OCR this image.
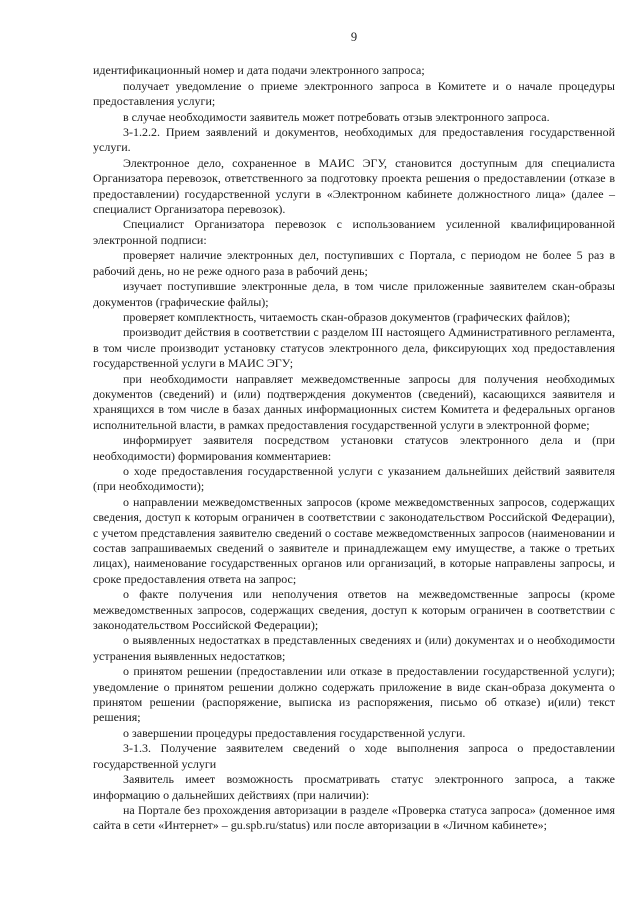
9

идентификационный номер и дата подачи электронного запроса;

получает уведомление о приеме электронного запроса в Комитете и о начале процедуры предоставления услуги;

в случае необходимости заявитель может потребовать отзыв электронного запроса.

3-1.2.2. Прием заявлений и документов, необходимых для предоставления государственной услуги.

Электронное дело, сохраненное в МАИС ЭГУ, становится доступным для специалиста Организатора перевозок, ответственного за подготовку проекта решения о предоставлении (отказе в предоставлении) государственной услуги в «Электронном кабинете должностного лица» (далее – специалист Организатора перевозок).

Специалист Организатора перевозок с использованием усиленной квалифицированной электронной подписи:

проверяет наличие электронных дел, поступивших с Портала, с периодом не более 5 раз в рабочий день, но не реже одного раза в рабочий день;

изучает поступившие электронные дела, в том числе приложенные заявителем скан-образы документов (графические файлы);

проверяет комплектность, читаемость скан-образов документов (графических файлов);

производит действия в соответствии с разделом III настоящего Административного регламента, в том числе производит установку статусов электронного дела, фиксирующих ход предоставления государственной услуги в МАИС ЭГУ;

при необходимости направляет межведомственные запросы для получения необходимых документов (сведений) и (или) подтверждения документов (сведений), касающихся заявителя и хранящихся в том числе в базах данных информационных систем Комитета и федеральных органов исполнительной власти, в рамках предоставления государственной услуги в электронной форме;

информирует заявителя посредством установки статусов электронного дела и (при необходимости) формирования комментариев:

о ходе предоставления государственной услуги с указанием дальнейших действий заявителя (при необходимости);

о направлении межведомственных запросов (кроме межведомственных запросов, содержащих сведения, доступ к которым ограничен в соответствии с законодательством Российской Федерации), с учетом представления заявителю сведений о составе межведомственных запросов (наименовании и состав запрашиваемых сведений о заявителе и принадлежащем ему имуществе, а также о третьих лицах), наименование государственных органов или организаций, в которые направлены запросы, и сроке предоставления ответа на запрос;

о факте получения или неполучения ответов на межведомственные запросы (кроме межведомственных запросов, содержащих сведения, доступ к которым ограничен в соответствии с законодательством Российской Федерации);

о выявленных недостатках в представленных сведениях и (или) документах и о необходимости устранения выявленных недостатков;

о принятом решении (предоставлении или отказе в предоставлении государственной услуги); уведомление о принятом решении должно содержать приложение в виде скан-образа документа о принятом решении (распоряжение, выписка из распоряжения, письмо об отказе) и(или) текст решения;

о завершении процедуры предоставления государственной услуги.

3-1.3. Получение заявителем сведений о ходе выполнения запроса о предоставлении государственной услуги

Заявитель имеет возможность просматривать статус электронного запроса, а также информацию о дальнейших действиях (при наличии):

на Портале без прохождения авторизации в разделе «Проверка статуса запроса» (доменное имя сайта в сети «Интернет» – gu.spb.ru/status) или после авторизации в «Личном кабинете»;
